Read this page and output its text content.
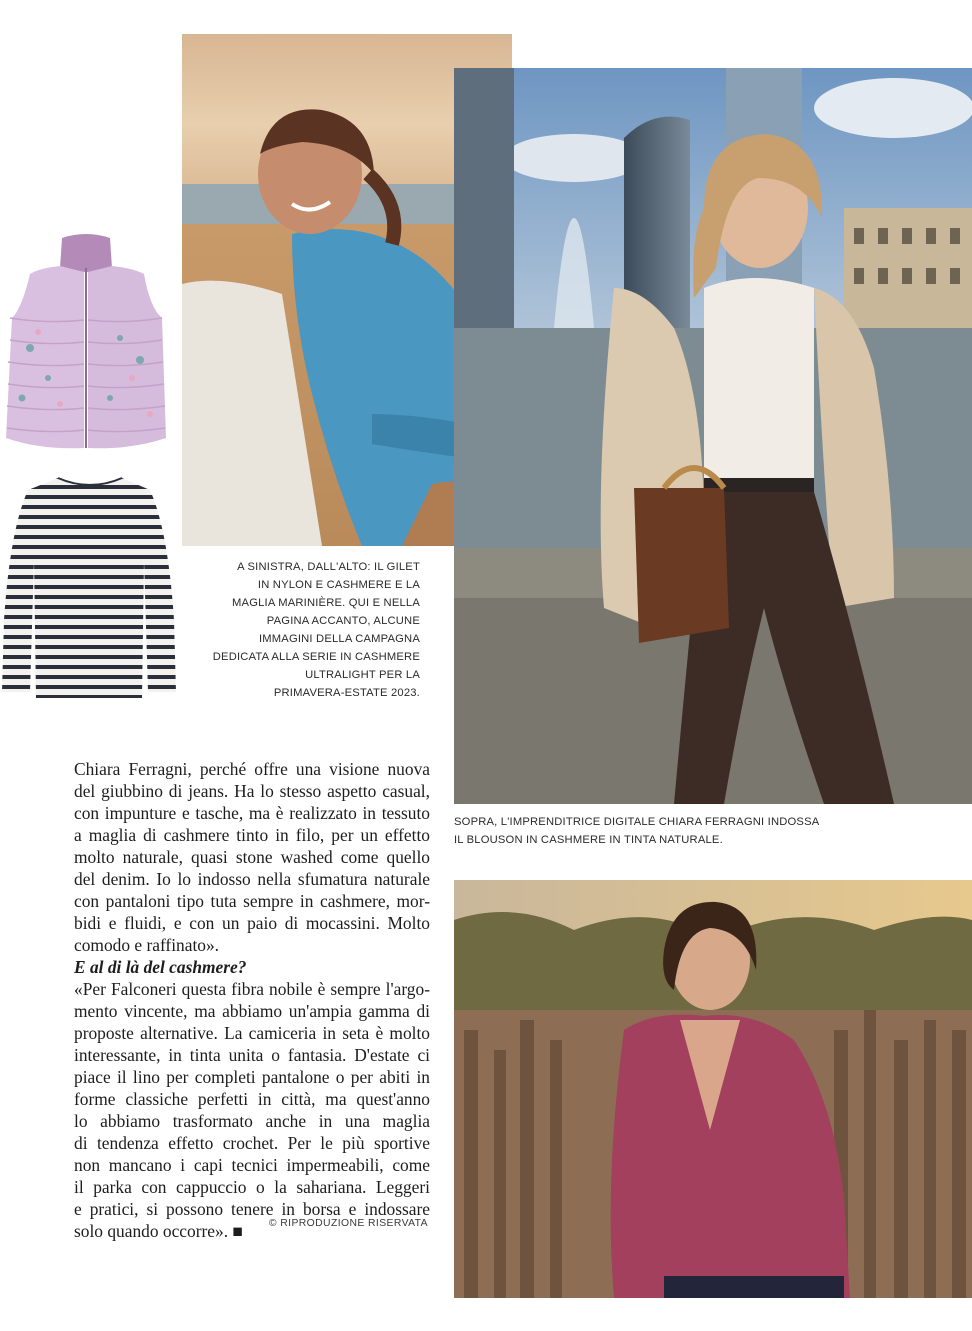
A SINISTRA, DALL'ALTO: IL GILET
IN NYLON E CASHMERE E LA
MAGLIA MARINIÈRE. QUI E NELLA
PAGINA ACCANTO, ALCUNE
IMMAGINI DELLA CAMPAGNA
DEDICATA ALLA SERIE IN CASHMERE
ULTRALIGHT PER LA
PRIMAVERA-ESTATE 2023.
SOPRA, L'IMPRENDITRICE DIGITALE CHIARA FERRAGNI INDOSSA
IL BLOUSON IN CASHMERE IN TINTA NATURALE.
Chiara Ferragni, perché offre una visione nuova
del giubbino di jeans. Ha lo stesso aspetto casual,
con impunture e tasche, ma è realizzato in tessuto
a maglia di cashmere tinto in filo, per un effetto
molto naturale, quasi stone washed come quello
del denim. Io lo indosso nella sfumatura naturale
con pantaloni tipo tuta sempre in cashmere, mor-
bidi e fluidi, e con un paio di mocassini. Molto
comodo e raffinato».
E al di là del cashmere?
«Per Falconeri questa fibra nobile è sempre l'argo-
mento vincente, ma abbiamo un'ampia gamma di
proposte alternative. La camiceria in seta è molto
interessante, in tinta unita o fantasia. D'estate ci
piace il lino per completi pantalone o per abiti in
forme classiche perfetti in città, ma quest'anno
lo abbiamo trasformato anche in una maglia
di tendenza effetto crochet. Per le più sportive
non mancano i capi tecnici impermeabili, come
il parka con cappuccio o la sahariana. Leggeri
e pratici, si possono tenere in borsa e indossare
solo quando occorre». ■	© RIPRODUZIONE RISERVATA
